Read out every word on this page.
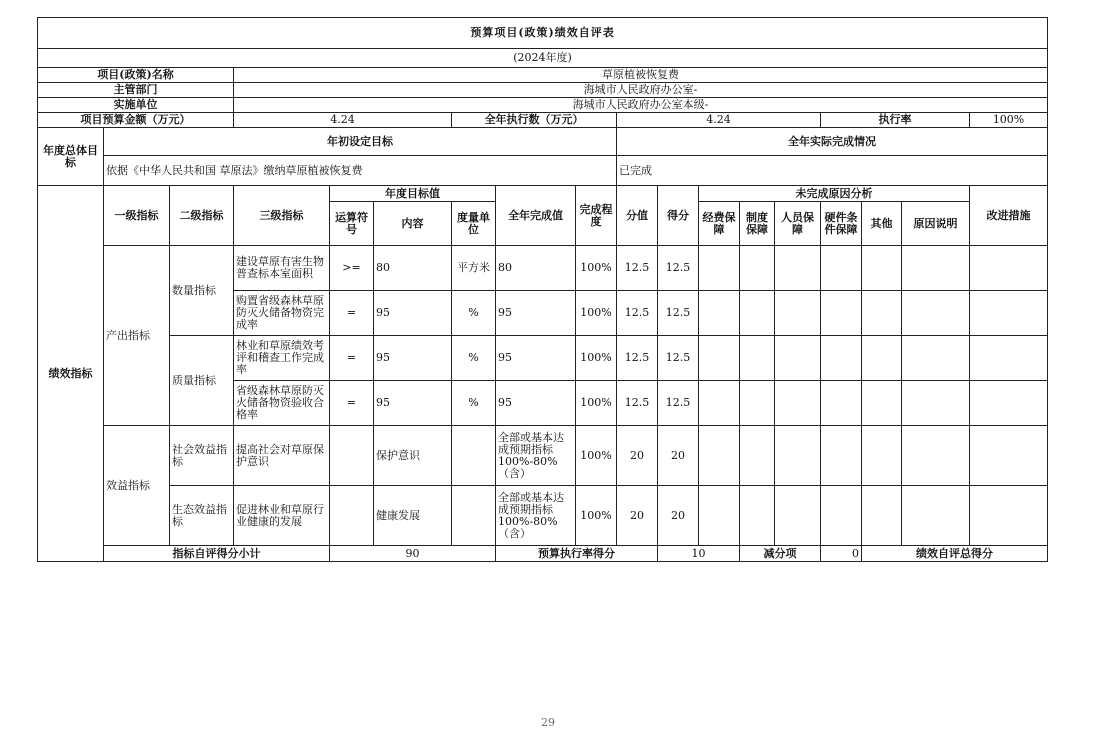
预算项目(政策)绩效自评表																		
(2024年度)																		
项目(政策)名称			草原植被恢复费															
主管部门			海城市人民政府办公室-															
实施单位			海城市人民政府办公室本级-															
项目预算金额（万元）			4.24			全年执行数（万元）			4.24					执行率			100%	
年度总体目标	年初设定目标								全年实际完成情况									
	依据《中华人民共和国 草原法》缴纳草原植被恢复费								已完成									
绩效指标	一级指标	二级指标	三级指标	年度目标值			全年完成值	完成程度	分值	得分	未完成原因分析						改进措施	
				运算符号	内容	度量单位					经费保障	制度保障	人员保障	硬件条件保障	其他	原因说明		
	产出指标	数量指标	建设草原有害生物普查标本室面积	>=	80	平方米	80	100%	12.5	12.5								
			购置省级森林草原防灭火储备物资完成率	=	95	%	95	100%	12.5	12.5								
		质量指标	林业和草原绩效考评和稽查工作完成率	=	95	%	95	100%	12.5	12.5								
			省级森林草原防灭火储备物资验收合格率	=	95	%	95	100%	12.5	12.5								
	效益指标	社会效益指标	提高社会对草原保护意识		保护意识		全部或基本达成预期指标100%-80%（含）	100%	20	20								
		生态效益指标	促进林业和草原行业健康的发展		健康发展		全部或基本达成预期指标100%-80%（含）	100%	20	20								
	指标自评得分小计			90			预算执行率得分			10		减分项		0	绩效自评总得分	
29
